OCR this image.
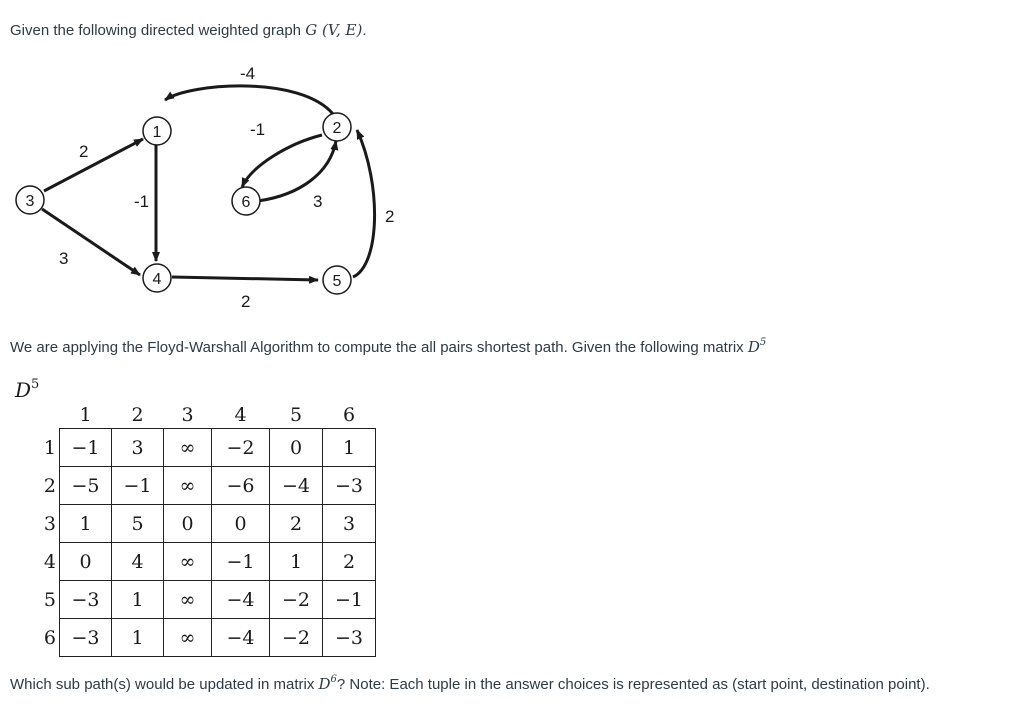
Given the following directed weighted graph G (V, E).
2
3
-1
-4
-1
3
2
2
1	2
3
4	5
6
We are applying the Floyd-Warshall Algorithm to compute the all pairs shortest path. Given the following matrix $D^5$
$D^5$
	1	2	3	4	5	6
1	−1	3	∞	−2	0	1
2	−5	−1	∞	−6	−4	−3
3	1	5	0	0	2	3
4	0	4	∞	−1	1	2
5	−3	1	∞	−4	−2	−1
6	−3	1	∞	−4	−2	−3
Which sub path(s) would be updated in matrix $D^6$? Note: Each tuple in the answer choices is represented as (start point, destination point).
